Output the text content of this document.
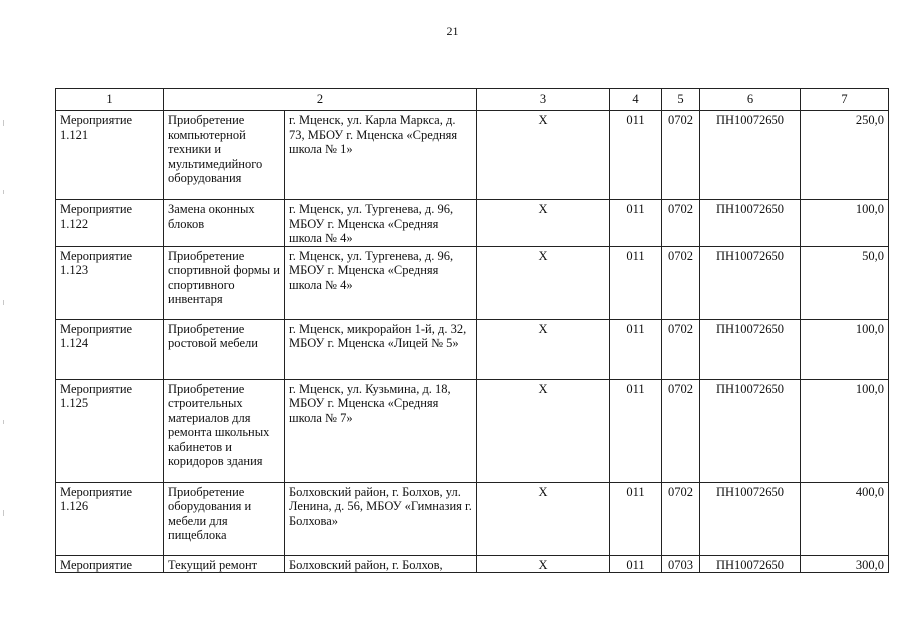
21
1	2		3	4	5	6	7
Мероприятие 1.121	Приобретение компьютерной техники и мультимедийного оборудования	г. Мценск, ул. Карла Маркса, д. 73, МБОУ г. Мценска «Средняя школа № 1»	Х	011	0702	ПН10072650	250,0
Мероприятие 1.122	Замена оконных блоков	г. Мценск, ул. Тургенева, д. 96, МБОУ г. Мценска «Средняя школа № 4»	Х	011	0702	ПН10072650	100,0
Мероприятие 1.123	Приобретение спортивной формы и спортивного инвентаря	г. Мценск, ул. Тургенева, д. 96, МБОУ г. Мценска «Средняя школа № 4»	Х	011	0702	ПН10072650	50,0
Мероприятие 1.124	Приобретение ростовой мебели	г. Мценск, микрорайон 1-й, д. 32, МБОУ г. Мценска «Лицей № 5»	Х	011	0702	ПН10072650	100,0
Мероприятие 1.125	Приобретение строительных материалов для ремонта школьных кабинетов и коридоров здания	г. Мценск, ул. Кузьмина, д. 18, МБОУ г. Мценска «Средняя школа № 7»	Х	011	0702	ПН10072650	100,0
Мероприятие 1.126	Приобретение оборудования и мебели для пищеблока	Болховский район, г. Болхов, ул. Ленина, д. 56, МБОУ «Гимназия г. Болхова»	Х	011	0702	ПН10072650	400,0
Мероприятие	Текущий ремонт	Болховский район, г. Болхов,	Х	011	0703	ПН10072650	300,0
